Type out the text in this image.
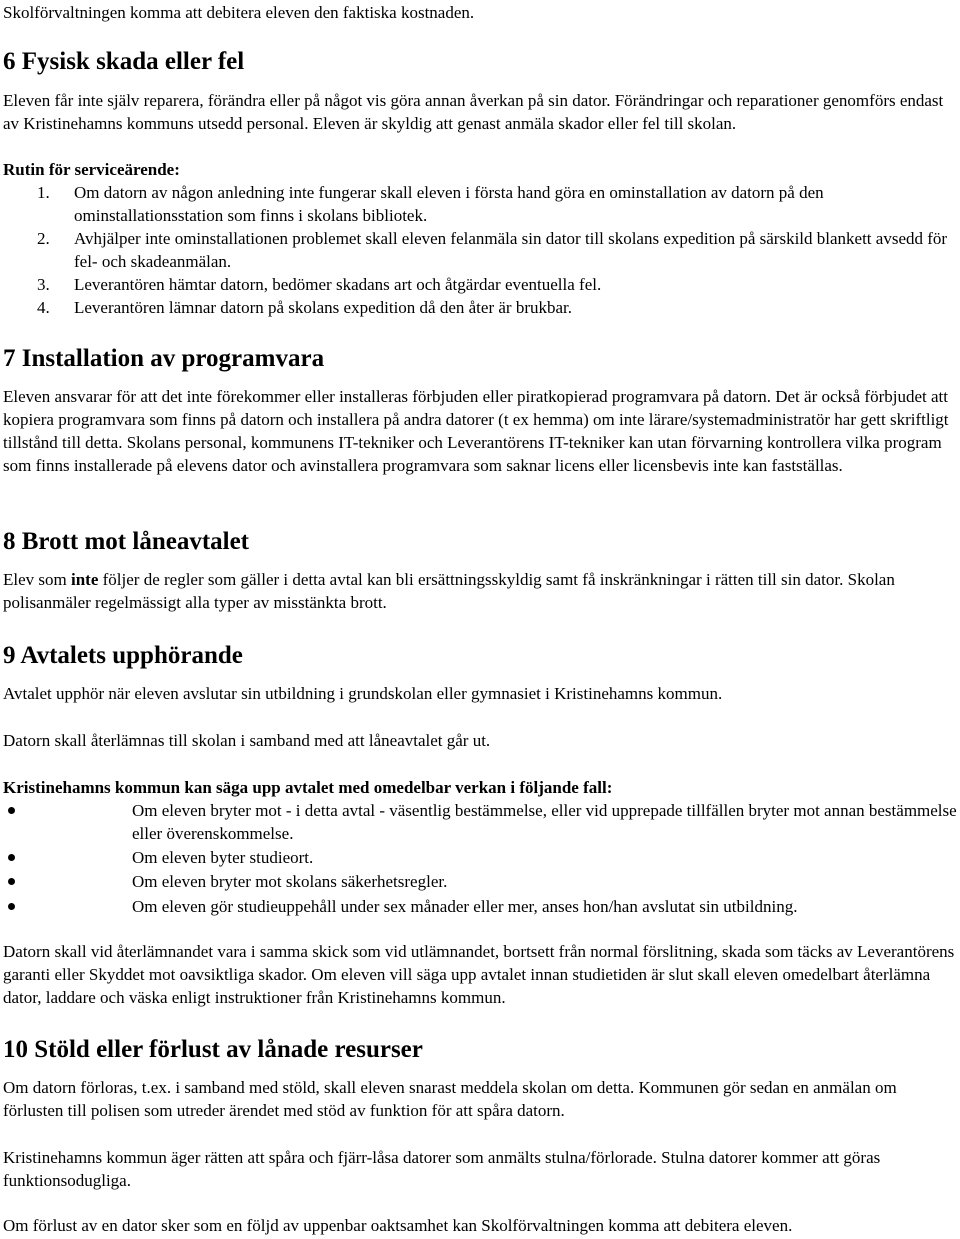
Skolförvaltningen komma att debitera eleven den faktiska kostnaden.

6 Fysisk skada eller fel

Eleven får inte själv reparera, förändra eller på något vis göra annan åverkan på sin dator. Förändringar och reparationer genomförs endast av Kristinehamns kommuns utsedd personal. Eleven är skyldig att genast anmäla skador eller fel till skolan.

Rutin för serviceärende:

1. Om datorn av någon anledning inte fungerar skall eleven i första hand göra en ominstallation av datorn på den ominstallationsstation som finns i skolans bibliotek.
2. Avhjälper inte ominstallationen problemet skall eleven felanmäla sin dator till skolans expedition på särskild blankett avsedd för fel- och skadeanmälan.
3. Leverantören hämtar datorn, bedömer skadans art och åtgärdar eventuella fel.
4. Leverantören lämnar datorn på skolans expedition då den åter är brukbar.
7 Installation av programvara

Eleven ansvarar för att det inte förekommer eller installeras förbjuden eller piratkopierad programvara på datorn. Det är också förbjudet att kopiera programvara som finns på datorn och installera på andra datorer (t ex hemma) om inte lärare/systemadministratör har gett skriftligt tillstånd till detta. Skolans personal, kommunens IT-tekniker och Leverantörens IT-tekniker kan utan förvarning kontrollera vilka program som finns installerade på elevens dator och avinstallera programvara som saknar licens eller licensbevis inte kan fastställas.

8 Brott mot låneavtalet

Elev som inte följer de regler som gäller i detta avtal kan bli ersättningsskyldig samt få inskränkningar i rätten till sin dator. Skolan polisanmäler regelmässigt alla typer av misstänkta brott.

9 Avtalets upphörande

Avtalet upphör när eleven avslutar sin utbildning i grundskolan eller gymnasiet i Kristinehamns kommun.

Datorn skall återlämnas till skolan i samband med att låneavtalet går ut.

Kristinehamns kommun kan säga upp avtalet med omedelbar verkan i följande fall:

Om eleven bryter mot - i detta avtal - väsentlig bestämmelse, eller vid upprepade tillfällen bryter mot annan bestämmelse eller överenskommelse.
Om eleven byter studieort.
Om eleven bryter mot skolans säkerhetsregler.
Om eleven gör studieuppehåll under sex månader eller mer, anses hon/han avslutat sin utbildning.

Datorn skall vid återlämnandet vara i samma skick som vid utlämnandet, bortsett från normal förslitning, skada som täcks av Leverantörens garanti eller Skyddet mot oavsiktliga skador. Om eleven vill säga upp avtalet innan studietiden är slut skall eleven omedelbart återlämna dator, laddare och väska enligt instruktioner från Kristinehamns kommun.

10 Stöld eller förlust av lånade resurser

Om datorn förloras, t.ex. i samband med stöld, skall eleven snarast meddela skolan om detta. Kommunen gör sedan en anmälan om förlusten till polisen som utreder ärendet med stöd av funktion för att spåra datorn.

Kristinehamns kommun äger rätten att spåra och fjärr-låsa datorer som anmälts stulna/förlorade. Stulna datorer kommer att göras funktionsodugliga.

Om förlust av en dator sker som en följd av uppenbar oaktsamhet kan Skolförvaltningen komma att debitera eleven.
